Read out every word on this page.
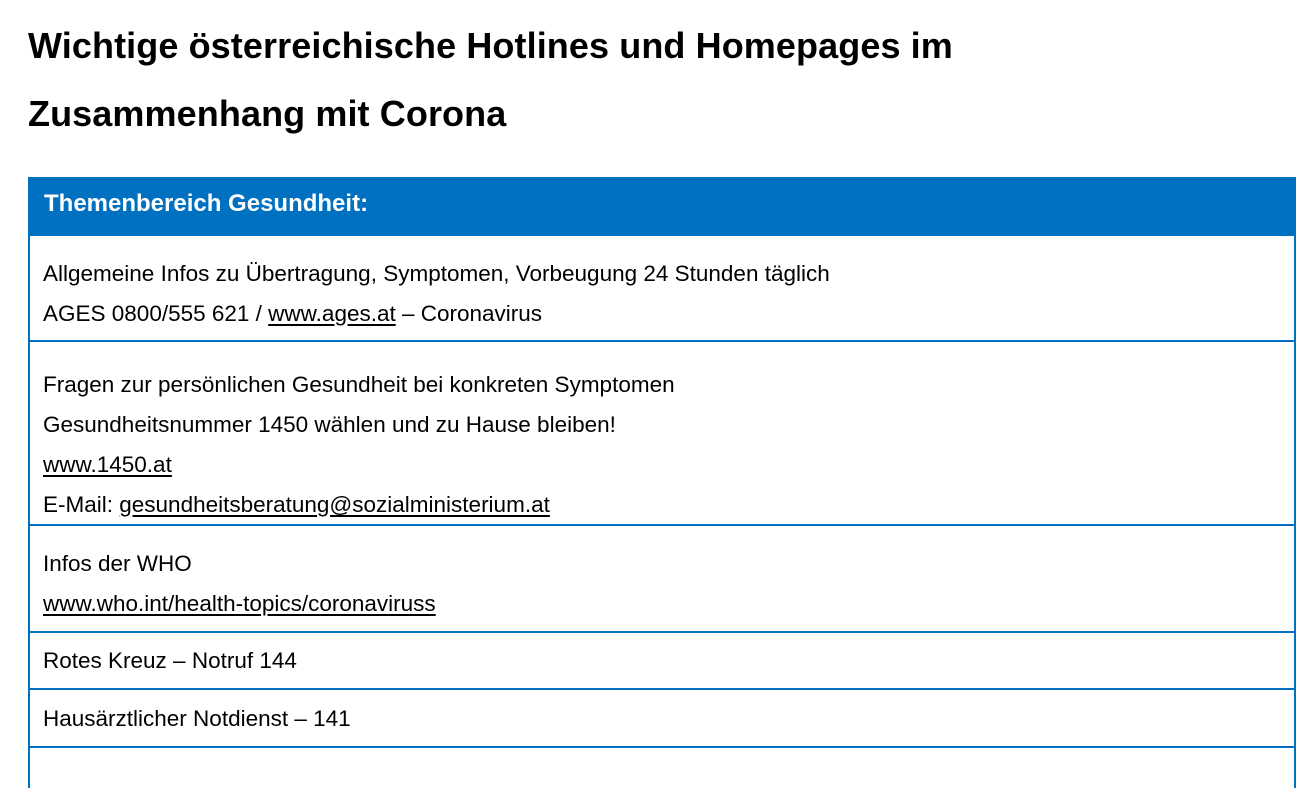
Wichtige österreichische Hotlines und Homepages im
Zusammenhang mit Corona
Themenbereich Gesundheit:
Allgemeine Infos zu Übertragung, Symptomen, Vorbeugung 24 Stunden täglich
AGES 0800/555 621 / www.ages.at – Coronavirus
Fragen zur persönlichen Gesundheit bei konkreten Symptomen
Gesundheitsnummer 1450 wählen und zu Hause bleiben!
www.1450.at
E-Mail: gesundheitsberatung@sozialministerium.at
Infos der WHO
www.who.int/health-topics/coronaviruss
Rotes Kreuz – Notruf 144
Hausärztlicher Notdienst – 141
